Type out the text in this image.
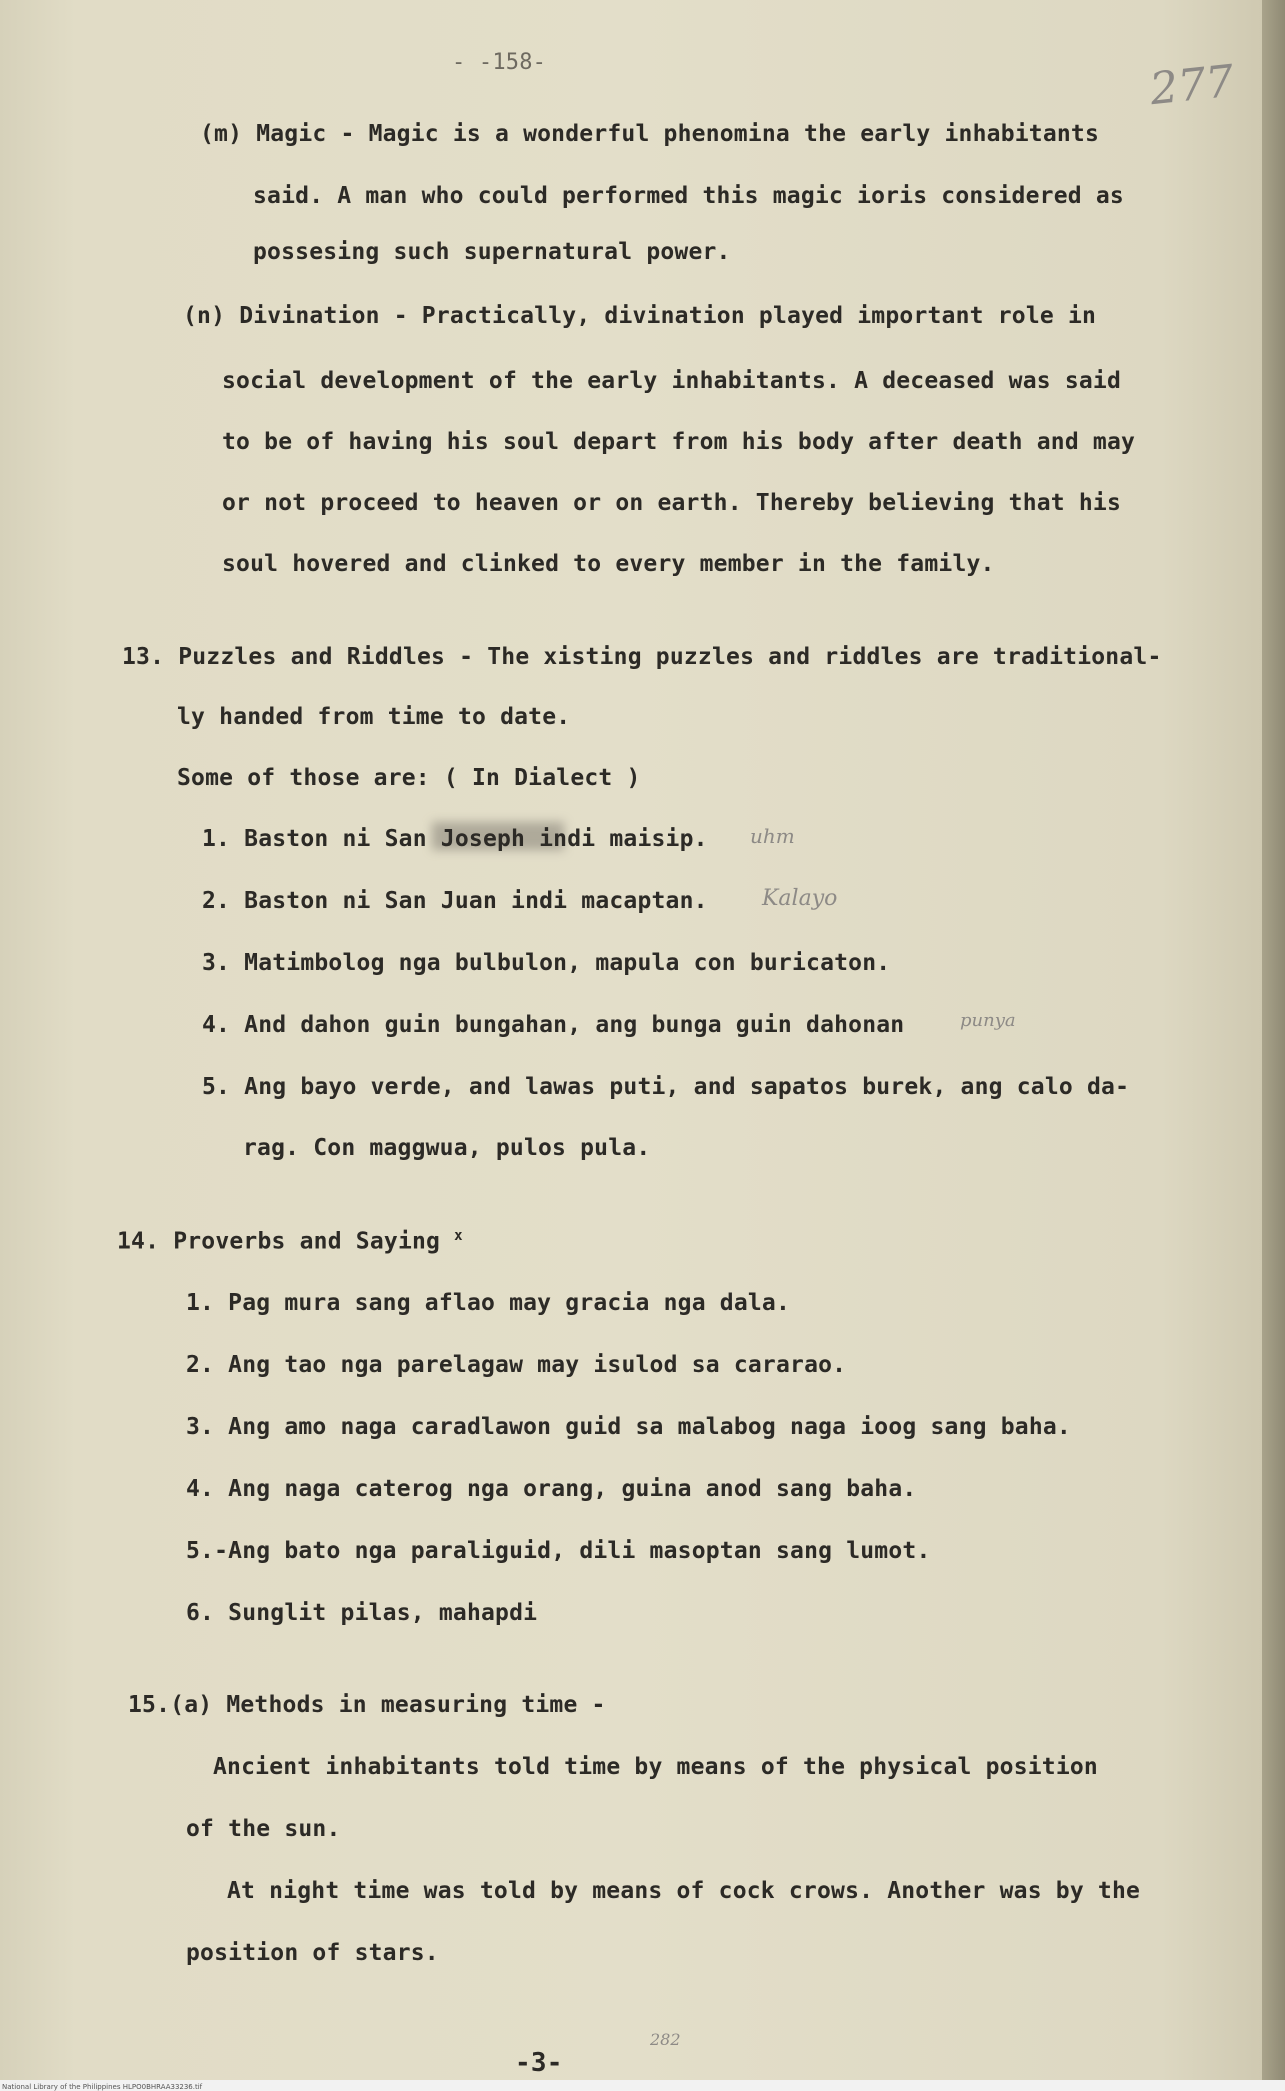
- -158-	277
(m) Magic - Magic is a wonderful phenomina the early inhabitants
said. A man who could performed this magic ioris considered as
possesing such supernatural power.
(n) Divination - Practically, divination played important role in
social development of the early inhabitants. A deceased was said
to be of having his soul depart from his body after death and may
or not proceed to heaven or on earth. Thereby believing that his
soul hovered and clinked to every member in the family.
13. Puzzles and Riddles - The xisting puzzles and riddles are traditional-
ly handed from time to date.
Some of those are: ( In Dialect )
1. Baston ni San Joseph indi maisip. uhm
2. Baston ni San Juan indi macaptan. Kalayo
3. Matimbolog nga bulbulon, mapula con buricaton.
4. And dahon guin bungahan, ang bunga guin dahonan	punya
5. Ang bayo verde, and lawas puti, and sapatos burek, ang calo da-
rag. Con maggwua, pulos pula.
14. Proverbs and Saying $^x$
1. Pag mura sang aflao may gracia nga dala.
2. Ang tao nga parelagaw may isulod sa cararao.
3. Ang amo naga caradlawon guid sa malabog naga ioog sang baha.
4. Ang naga caterog nga orang, guina anod sang baha.
5.-Ang bato nga paraliguid, dili masoptan sang lumot.
6. Sunglit pilas, mahapdi
15.(a) Methods in measuring time -
Ancient inhabitants told time by means of the physical position
of the sun.
At night time was told by means of cock crows. Another was by the
position of stars.
-3-
282
National Library of the Philippines HLPO0BHRAA33236.tif
